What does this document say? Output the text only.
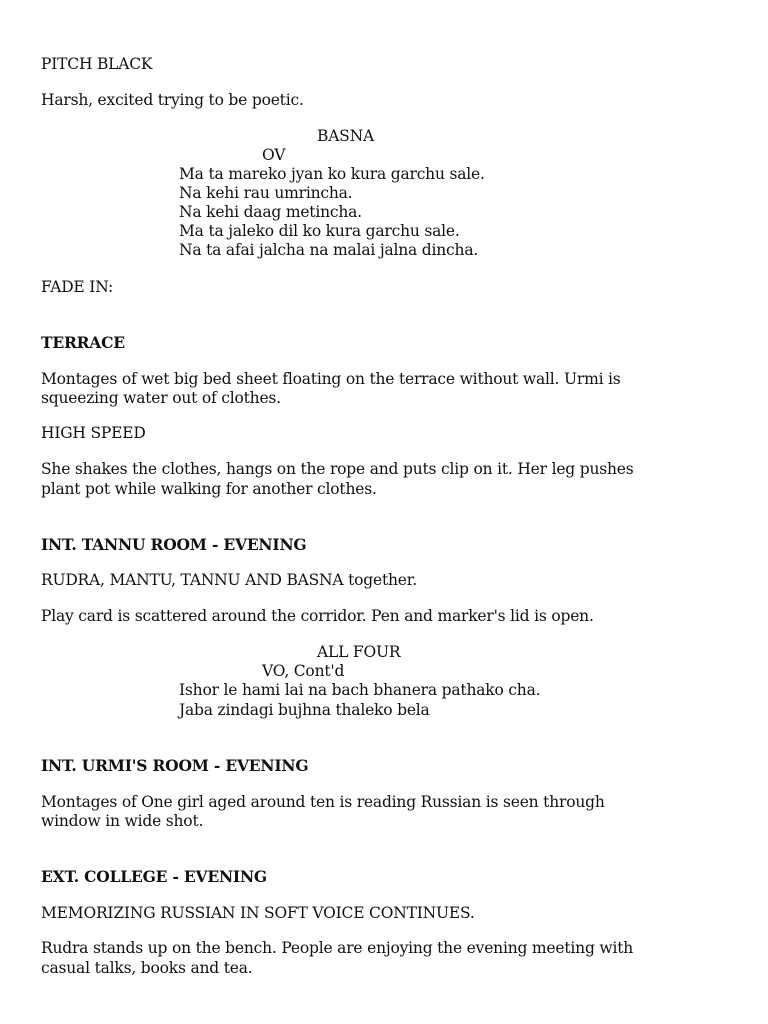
PITCH BLACK
Harsh, excited trying to be poetic.
BASNA
OV
Ma ta mareko jyan ko kura garchu sale.
Na kehi rau umrincha.
Na kehi daag metincha.
Ma ta jaleko dil ko kura garchu sale.
Na ta afai jalcha na malai jalna dincha.
FADE IN:
TERRACE
Montages of wet big bed sheet floating on the terrace without wall. Urmi is
squeezing water out of clothes.
HIGH SPEED
She shakes the clothes, hangs on the rope and puts clip on it. Her leg pushes
plant pot while walking for another clothes.
INT. TANNU ROOM - EVENING
RUDRA, MANTU, TANNU AND BASNA together.
Play card is scattered around the corridor. Pen and marker's lid is open.
ALL FOUR
VO, Cont'd
Ishor le hami lai na bach bhanera pathako cha.
Jaba zindagi bujhna thaleko bela
INT. URMI'S ROOM - EVENING
Montages of One girl aged around ten is reading Russian is seen through
window in wide shot.
EXT. COLLEGE - EVENING
MEMORIZING RUSSIAN IN SOFT VOICE CONTINUES.
Rudra stands up on the bench. People are enjoying the evening meeting with
casual talks, books and tea.
